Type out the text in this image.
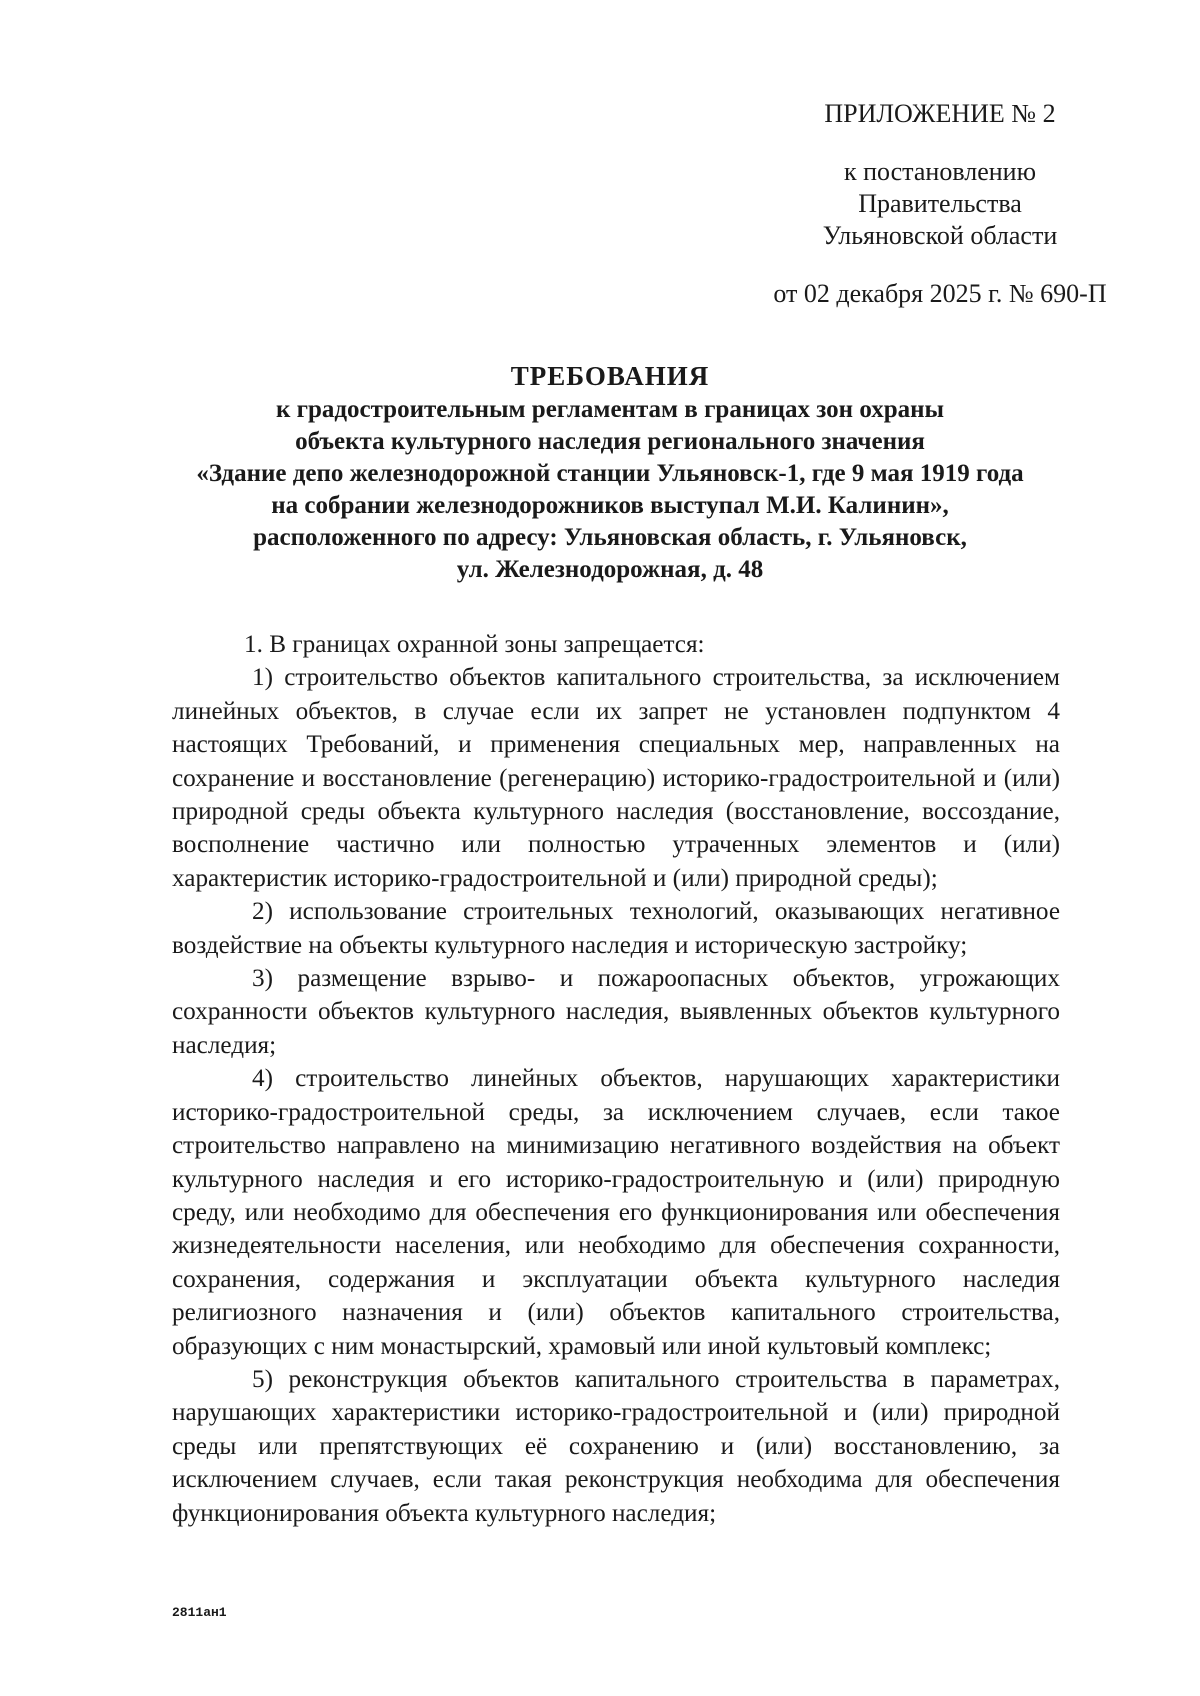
ПРИЛОЖЕНИЕ № 2
к постановлению Правительства
Ульяновской области
от 02 декабря 2025 г. № 690-П
ТРЕБОВАНИЯ
к градостроительным регламентам в границах зон охраны
объекта культурного наследия регионального значения
«Здание депо железнодорожной станции Ульяновск-1, где 9 мая 1919 года
на собрании железнодорожников выступал М.И. Калинин»,
расположенного по адресу: Ульяновская область, г. Ульяновск,
ул. Железнодорожная, д. 48

1. В границах охранной зоны запрещается:

1) строительство объектов капитального строительства, за исключением линейных объектов, в случае если их запрет не установлен подпунктом 4 настоящих Требований, и применения специальных мер, направленных на сохранение и восстановление (регенерацию) историко-градостроительной и (или) природной среды объекта культурного наследия (восстановление, воссоздание, восполнение частично или полностью утраченных элементов и (или) характеристик историко-градостроительной и (или) природной среды);

2) использование строительных технологий, оказывающих негативное воздействие на объекты культурного наследия и историческую застройку;

3) размещение взрыво- и пожароопасных объектов, угрожающих сохранности объектов культурного наследия, выявленных объектов культурного наследия;

4) строительство линейных объектов, нарушающих характеристики историко-градостроительной среды, за исключением случаев, если такое строительство направлено на минимизацию негативного воздействия на объект культурного наследия и его историко-градостроительную и (или) природную среду, или необходимо для обеспечения его функционирования или обеспечения жизнедеятельности населения, или необходимо для обеспечения сохранности, сохранения, содержания и эксплуатации объекта культурного наследия религиозного назначения и (или) объектов капитального строительства, образующих с ним монастырский, храмовый или иной культовый комплекс;

5) реконструкция объектов капитального строительства в параметрах, нарушающих характеристики историко-градостроительной и (или) природной среды или препятствующих её сохранению и (или) восстановлению, за исключением случаев, если такая реконструкция необходима для обеспечения функционирования объекта культурного наследия;

2811ан1
